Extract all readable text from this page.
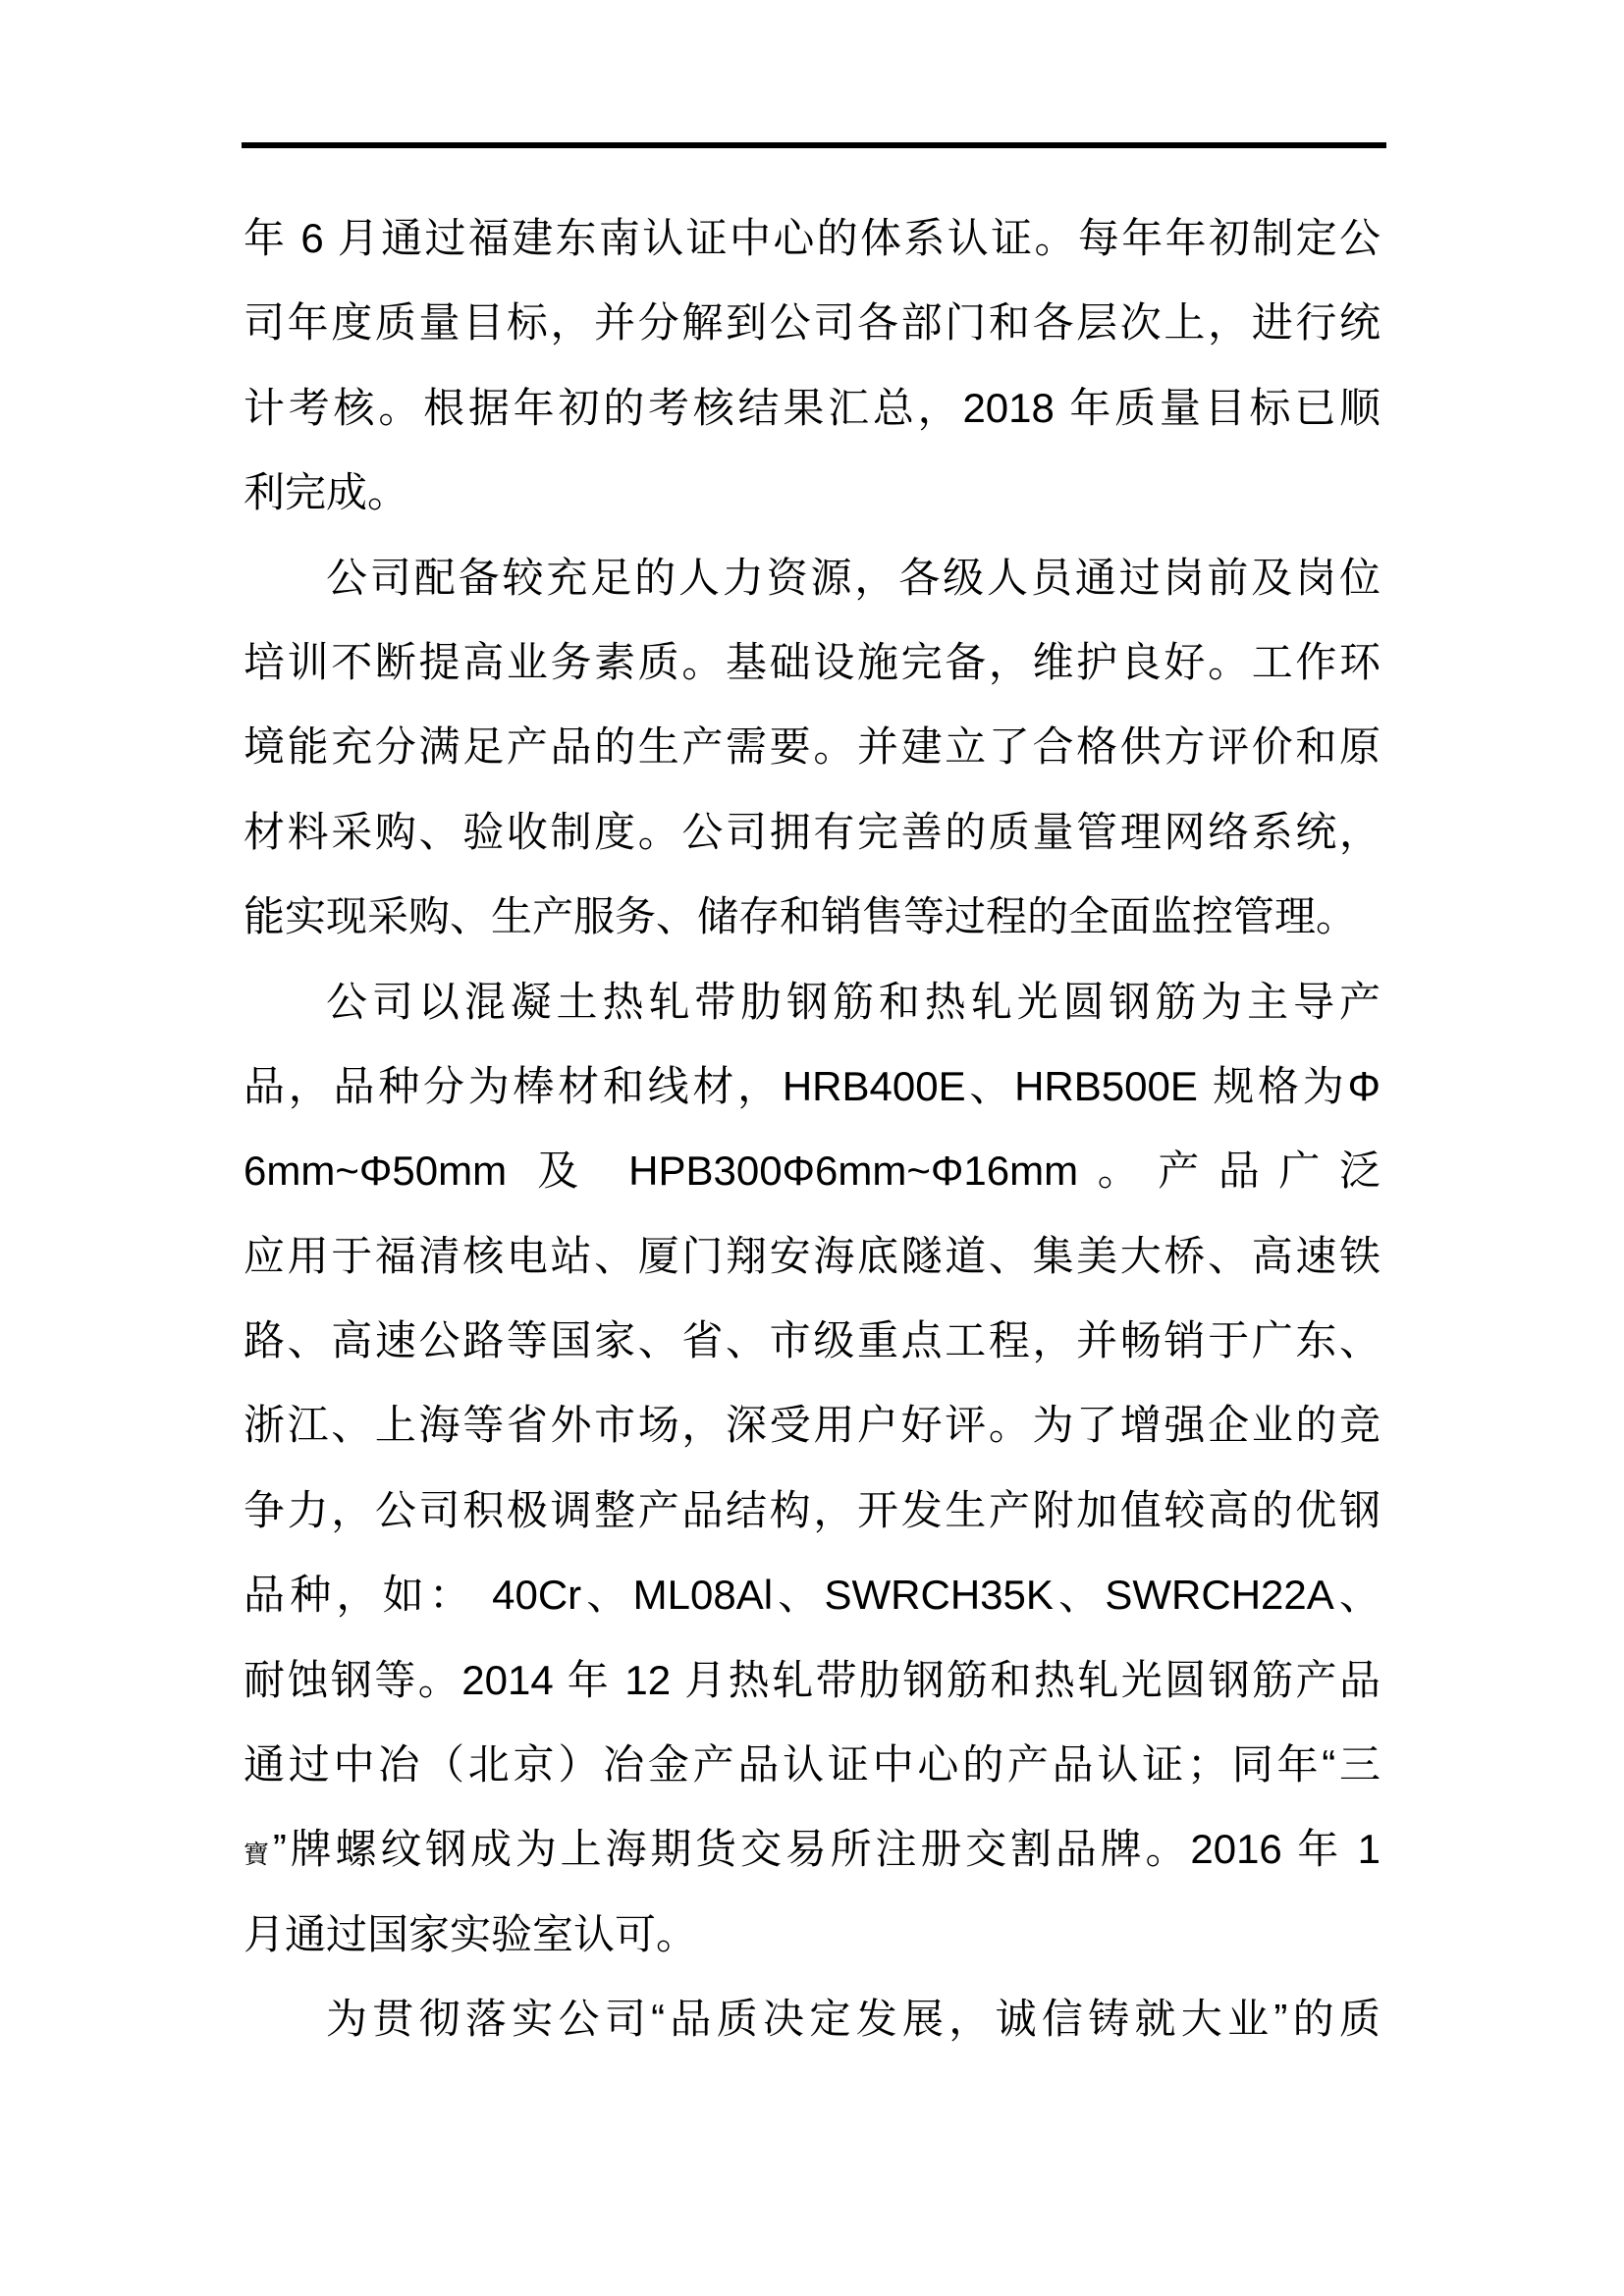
年 6 月通过福建东南认证中心的体系认证。每年年初制定公
司年度质量目标，并分解到公司各部门和各层次上，进行统
计考核。根据年初的考核结果汇总，2018 年质量目标已顺
利完成。
公司配备较充足的人力资源，各级人员通过岗前及岗位
培训不断提高业务素质。基础设施完备，维护良好。工作环
境能充分满足产品的生产需要。并建立了合格供方评价和原
材料采购、验收制度。公司拥有完善的质量管理网络系统，
能实现采购、生产服务、储存和销售等过程的全面监控管理。
公司以混凝土热轧带肋钢筋和热轧光圆钢筋为主导产
品，品种分为棒材和线材，HRB400E、HRB500E 规格为Φ
6mm~Φ50mm 及 HPB300Φ6mm~Φ16mm。产品广泛
应用于福清核电站、厦门翔安海底隧道、集美大桥、高速铁
路、高速公路等国家、省、市级重点工程，并畅销于广东、
浙江、上海等省外市场，深受用户好评。为了增强企业的竞
争力，公司积极调整产品结构，开发生产附加值较高的优钢
品种，如： 40Cr、ML08Al、SWRCH35K、SWRCH22A、
耐蚀钢等。2014 年 12 月热轧带肋钢筋和热轧光圆钢筋产品
通过中冶（北京）冶金产品认证中心的产品认证；同年“三
寶”牌螺纹钢成为上海期货交易所注册交割品牌。2016 年 1
月通过国家实验室认可。
为贯彻落实公司“品质决定发展，诚信铸就大业”的质
